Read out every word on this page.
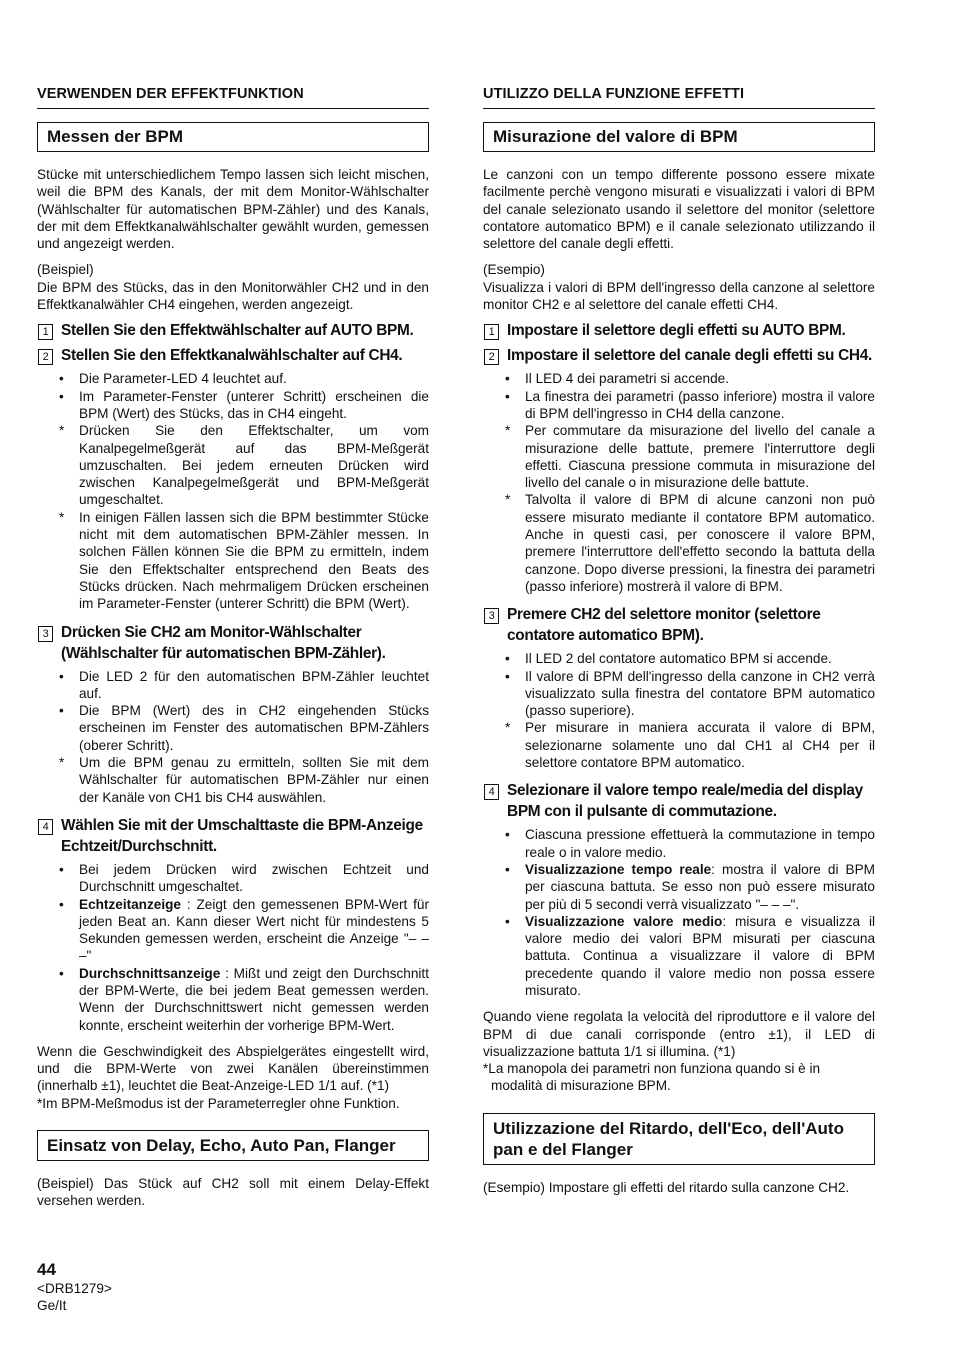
VERWENDEN DER EFFEKTFUNKTION
Messen der BPM

Stücke mit unterschiedlichem Tempo lassen sich leicht mischen, weil die BPM des Kanals, der mit dem Monitor-Wählschalter (Wählschalter für automatischen BPM-Zähler) und des Kanals, der mit dem Effektkanalwählschalter gewählt wurden, gemessen und angezeigt werden.

(Beispiel)
Die BPM des Stücks, das in den Monitorwähler CH2 und in den Effektkanalwähler CH4 eingehen, werden angezeigt.

1 Stellen Sie den Effektwählschalter auf AUTO BPM.
2 Stellen Sie den Effektkanalwählschalter auf CH4.
• Die Parameter-LED 4 leuchtet auf.
• Im Parameter-Fenster (unterer Schritt) erscheinen die BPM (Wert) des Stücks, das in CH4 eingeht.
* Drücken Sie den Effektschalter, um vom Kanalpegelmeßgerät auf das BPM-Meßgerät umzuschalten. Bei jedem erneuten Drücken wird zwischen Kanalpegelmeßgerät und BPM-Meßgerät umgeschaltet.
* In einigen Fällen lassen sich die BPM bestimmter Stücke nicht mit dem automatischen BPM-Zähler messen. In solchen Fällen können Sie die BPM zu ermitteln, indem Sie den Effektschalter entsprechend den Beats des Stücks drücken. Nach mehrmaligem Drücken erscheinen im Parameter-Fenster (unterer Schritt) die BPM (Wert).
3 Drücken Sie CH2 am Monitor-Wählschalter (Wählschalter für automatischen BPM-Zähler).
• Die LED 2 für den automatischen BPM-Zähler leuchtet auf.
• Die BPM (Wert) des in CH2 eingehenden Stücks erscheinen im Fenster des automatischen BPM-Zählers (oberer Schritt).
* Um die BPM genau zu ermitteln, sollten Sie mit dem Wählschalter für automatischen BPM-Zähler nur einen der Kanäle von CH1 bis CH4 auswählen.
4 Wählen Sie mit der Umschalttaste die BPM-Anzeige Echtzeit/Durchschnitt.
• Bei jedem Drücken wird zwischen Echtzeit und Durchschnitt umgeschaltet.
• Echtzeitanzeige : Zeigt den gemessenen BPM-Wert für jeden Beat an. Kann dieser Wert nicht für mindestens 5 Sekunden gemessen werden, erscheint die Anzeige "– – –"
• Durchschnittsanzeige : Mißt und zeigt den Durchschnitt der BPM-Werte, die bei jedem Beat gemessen werden. Wenn der Durchschnittswert nicht gemessen werden konnte, erscheint weiterhin der vorherige BPM-Wert.

Wenn die Geschwindigkeit des Abspielgerätes eingestellt wird, und die BPM-Werte von zwei Kanälen übereinstimmen (innerhalb ±1), leuchtet die Beat-Anzeige-LED 1/1 auf. (*1)

*Im BPM-Meßmodus ist der Parameterregler ohne Funktion.
Einsatz von Delay, Echo, Auto Pan, Flanger

(Beispiel) Das Stück auf CH2 soll mit einem Delay-Effekt versehen werden.

UTILIZZO DELLA FUNZIONE EFFETTI
Misurazione del valore di BPM

Le canzoni con un tempo differente possono essere mixate facilmente perchè vengono misurati e visualizzati i valori di BPM del canale selezionato usando il selettore del monitor (selettore contatore automatico BPM) e il canale selezionato utilizzando il selettore del canale degli effetti.

(Esempio)
Visualizza i valori di BPM dell'ingresso della canzone al selettore monitor CH2 e al selettore del canale effetti CH4.

1 Impostare il selettore degli effetti su AUTO BPM.
2 Impostare il selettore del canale degli effetti su CH4.
• Il LED 4 dei parametri si accende.
• La finestra dei parametri (passo inferiore) mostra il valore di BPM dell'ingresso in CH4 della canzone.
* Per commutare da misurazione del livello del canale a misurazione delle battute, premere l'interruttore degli effetti. Ciascuna pressione commuta in misurazione del livello del canale o in misurazione delle battute.
* Talvolta il valore di BPM di alcune canzoni non può essere misurato mediante il contatore BPM automatico. Anche in questi casi, per conoscere il valore BPM, premere l'interruttore dell'effetto secondo la battuta della canzone. Dopo diverse pressioni, la finestra dei parametri (passo inferiore) mostrerà il valore di BPM.
3 Premere CH2 del selettore monitor (selettore contatore automatico BPM).
• Il LED 2 del contatore automatico BPM si accende.
• Il valore di BPM dell'ingresso della canzone in CH2 verrà visualizzato sulla finestra del contatore BPM automatico (passo superiore).
* Per misurare in maniera accurata il valore di BPM, selezionarne solamente uno dal CH1 al CH4 per il selettore contatore BPM automatico.
4 Selezionare il valore tempo reale/media del display BPM con il pulsante di commutazione.
• Ciascuna pressione effettuerà la commutazione in tempo reale o in valore medio.
• Visualizzazione tempo reale: mostra il valore di BPM per ciascuna battuta. Se esso non può essere misurato per più di 5 secondi verrà visualizzato "– – –".
• Visualizzazione valore medio: misura e visualizza il valore medio dei valori BPM misurati per ciascuna battuta. Continua a visualizzare il valore di BPM precedente quando il valore medio non possa essere misurato.

Quando viene regolata la velocità del riproduttore e il valore del BPM di due canali corrisponde (entro ±1), il LED di visualizzazione battuta 1/1 si illumina. (*1)

*La manopola dei parametri non funziona quando si è in modalità di misurazione BPM.
Utilizzazione del Ritardo, dell'Eco, dell'Auto pan e del Flanger

(Esempio) Impostare gli effetti del ritardo sulla canzone CH2.

44
<DRB1279>
Ge/It
